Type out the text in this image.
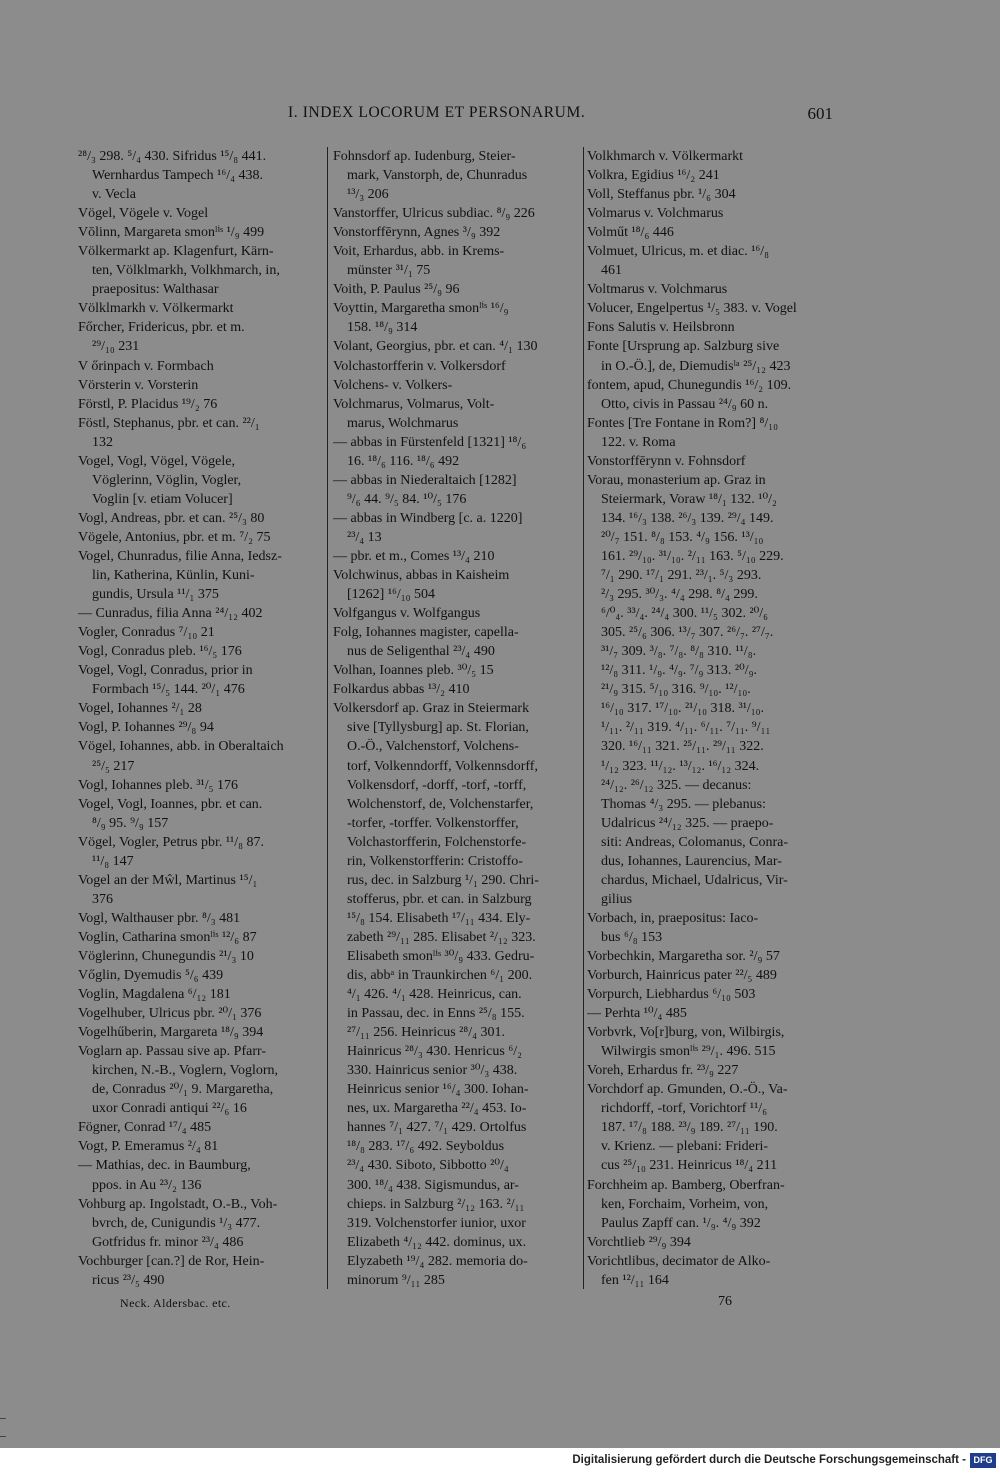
I. INDEX LOCORUM ET PERSONARUM.	601
²⁸/₃ 298. ⁵/₄ 430. Sifridus ¹⁵/₈ 441.
Wernhardus Tampech ¹⁶/₄ 438.
v. Vecla
Vögel, Vögele v. Vogel
Vōlinn, Margareta smonˡⁱˢ ¹/₉ 499
Völkermarkt ap. Klagenfurt, Kärn-
ten, Völklmarkh, Volkhmarch, in,
praepositus: Walthasar
Völklmarkh v. Völkermarkt
Főrcher, Fridericus, pbr. et m.
²⁹/₁₀ 231
V őrinpach v. Formbach
Vörsterin v. Vorsterin
Förstl, P. Placidus ¹⁹/₂ 76
Föstl, Stephanus, pbr. et can. ²²/₁
132
Vogel, Vogl, Vögel, Vögele,
Vöglerinn, Vöglin, Vogler,
Voglin [v. etiam Volucer]
Vogl, Andreas, pbr. et can. ²⁵/₃ 80
Vögele, Antonius, pbr. et m. ⁷/₂ 75
Vogel, Chunradus, filie Anna, Iedsz-
lin, Katherina, Künlin, Kuni-
gundis, Ursula ¹¹/₁ 375
— Cunradus, filia Anna ²⁴/₁₂ 402
Vogler, Conradus ⁷/₁₀ 21
Vogl, Conradus pleb. ¹⁶/₅ 176
Vogel, Vogl, Conradus, prior in
Formbach ¹⁵/₅ 144. ²⁰/₁ 476
Vogel, Iohannes ²/₁ 28
Vogl, P. Iohannes ²⁹/₈ 94
Vögel, Iohannes, abb. in Oberaltaich
²⁵/₅ 217
Vogl, Iohannes pleb. ³¹/₅ 176
Vogel, Vogl, Ioannes, pbr. et can.
⁸/₉ 95. ⁹/₉ 157
Vögel, Vogler, Petrus pbr. ¹¹/₈ 87.
¹¹/₈ 147
Vogel an der Mŵl, Martinus ¹⁵/₁
376
Vogl, Walthauser pbr. ⁸/₃ 481
Voglin, Catharina smonˡⁱˢ ¹²/₆ 87
Vöglerinn, Chunegundis ²¹/₃ 10
Vőglin, Dyemudis ⁵/₆ 439
Voglin, Magdalena ⁶/₁₂ 181
Vogelhuber, Ulricus pbr. ²⁰/₁ 376
Vogelhűberin, Margareta ¹⁸/₉ 394
Voglarn ap. Passau sive ap. Pfarr-
kirchen, N.-B., Voglern, Voglorn,
de, Conradus ²⁰/₁ 9. Margaretha,
uxor Conradi antiqui ²²/₆ 16
Fögner, Conrad ¹⁷/₄ 485
Vogt, P. Emeramus ²/₄ 81
— Mathias, dec. in Baumburg,
ppos. in Au ²³/₂ 136
Vohburg ap. Ingolstadt, O.-B., Voh-
bvrch, de, Cunigundis ¹/₃ 477.
Gotfridus fr. minor ²³/₄ 486
Vochburger [can.?] de Ror, Hein-
ricus ²³/₅ 490
Fohnsdorf ap. Iudenburg, Steier-
mark, Vanstorph, de, Chunradus
¹³/₃ 206
Vanstorffer, Ulricus subdiac. ⁸/₉ 226
Vonstorffērynn, Agnes ³/₉ 392
Voit, Erhardus, abb. in Krems-
münster ³¹/₁ 75
Voith, P. Paulus ²⁵/₉ 96
Voyttin, Margaretha smonˡⁱˢ ¹⁶/₉
158. ¹⁸/₉ 314
Volant, Georgius, pbr. et can. ⁴/₁ 130
Volchastorfferin v. Volkersdorf
Volchens- v. Volkers-
Volchmarus, Volmarus, Volt-
marus, Wolchmarus
— abbas in Fürstenfeld [1321] ¹⁸/₆
16. ¹⁸/₆ 116. ¹⁸/₆ 492
— abbas in Niederaltaich [1282]
⁹/₆ 44. ⁹/₅ 84. ¹⁰/₅ 176
— abbas in Windberg [c. a. 1220]
²³/₄ 13
— pbr. et m., Comes ¹³/₄ 210
Volchwinus, abbas in Kaisheim
[1262] ¹⁶/₁₀ 504
Volfgangus v. Wolfgangus
Folg, Iohannes magister, capella-
nus de Seligenthal ²³/₄ 490
Volhan, Ioannes pleb. ³⁰/₅ 15
Folkardus abbas ¹³/₂ 410
Volkersdorf ap. Graz in Steiermark
sive [Tyllysburg] ap. St. Florian,
O.-Ö., Valchenstorf, Volchens-
torf, Volkenndorff, Volkennsdorff,
Volkensdorf, -dorff, -torf, -torff,
Wolchenstorf, de, Volchenstarfer,
-torfer, -torffer. Volkenstorffer,
Volchastorfferin, Folchenstorfe-
rin, Volkenstorfferin: Cristoffo-
rus, dec. in Salzburg ¹/₁ 290. Chri-
stofferus, pbr. et can. in Salzburg
¹⁵/₈ 154. Elisabeth ¹⁷/₁₁ 434. Ely-
zabeth ²⁹/₁₁ 285. Elisabet ²/₁₂ 323.
Elisabeth smonˡⁱˢ ³⁰/₉ 433. Gedru-
dis, abbᵃ in Traunkirchen ⁶/₁ 200.
⁴/₁ 426. ⁴/₁ 428. Heinricus, can.
in Passau, dec. in Enns ²⁵/₈ 155.
²⁷/₁₁ 256. Heinricus ²⁸/₄ 301.
Hainricus ²⁸/₃ 430. Henricus ⁶/₂
330. Hainricus senior ³⁰/₃ 438.
Heinricus senior ¹⁶/₄ 300. Iohan-
nes, ux. Margaretha ²²/₄ 453. Io-
hannes ⁷/₁ 427. ⁷/₁ 429. Ortolfus
¹⁸/₈ 283. ¹⁷/₆ 492. Seyboldus
²³/₄ 430. Siboto, Sibbotto ²⁰/₄
300. ¹⁸/₄ 438. Sigismundus, ar-
chieps. in Salzburg ²/₁₂ 163. ²/₁₁
319. Volchenstorfer iunior, uxor
Elizabeth ⁴/₁₂ 442. dominus, ux.
Elyzabeth ¹⁹/₄ 282. memoria do-
minorum ⁹/₁₁ 285
Volkhmarch v. Völkermarkt
Volkra, Egidius ¹⁶/₂ 241
Voll, Steffanus pbr. ¹/₆ 304
Volmarus v. Volchmarus
Volműt ¹⁸/₆ 446
Volmuet, Ulricus, m. et diac. ¹⁶/₈
461
Voltmarus v. Volchmarus
Volucer, Engelpertus ¹/₅ 383. v. Vogel
Fons Salutis v. Heilsbronn
Fonte [Ursprung ap. Salzburg sive
in O.-Ö.], de, Diemudisˡᵃ ²⁵/₁₂ 423
fontem, apud, Chunegundis ¹⁶/₂ 109.
Otto, civis in Passau ²⁴/₉ 60 n.
Fontes [Tre Fontane in Rom?] ⁸/₁₀
122. v. Roma
Vonstorffērynn v. Fohnsdorf
Vorau, monasterium ap. Graz in
Steiermark, Voraw ¹⁸/₁ 132. ¹⁰/₂
134. ¹⁶/₃ 138. ²⁶/₃ 139. ²⁹/₄ 149.
²⁰/₇ 151. ⁸/₈ 153. ⁴/₉ 156. ¹³/₁₀
161. ²⁹/₁₀. ³¹/₁₀. ²/₁₁ 163. ⁵/₁₀ 229.
⁷/₁ 290. ¹⁷/₁ 291. ²³/₁. ⁵/₃ 293.
²/₃ 295. ³⁰/₃. ⁴/₄ 298. ⁸/₄ 299.
⁶/⁰₄. ³³/₄. ²⁴/₄ 300. ¹¹/₅ 302. ²⁰/₆
305. ²⁵/₆ 306. ¹³/₇ 307. ²⁶/₇. ²⁷/₇.
³¹/₇ 309. ³/₈. ⁷/₈. ⁸/₈ 310. ¹¹/₈.
¹²/₈ 311. ¹/₉. ⁴/₉. ⁷/₉ 313. ²⁰/₉.
²¹/₉ 315. ⁵/₁₀ 316. ⁹/₁₀. ¹²/₁₀.
¹⁶/₁₀ 317. ¹⁷/₁₀. ²¹/₁₀ 318. ³¹/₁₀.
¹/₁₁. ²/₁₁ 319. ⁴/₁₁. ⁶/₁₁. ⁷/₁₁. ⁹/₁₁
320. ¹⁶/₁₁ 321. ²⁵/₁₁. ²⁹/₁₁ 322.
¹/₁₂ 323. ¹¹/₁₂. ¹³/₁₂. ¹⁶/₁₂ 324.
²⁴/₁₂. ²⁶/₁₂ 325. — decanus:
Thomas ⁴/₃ 295. — plebanus:
Udalricus ²⁴/₁₂ 325. — praepo-
siti: Andreas, Colomanus, Conra-
dus, Iohannes, Laurencius, Mar-
chardus, Michael, Udalricus, Vir-
gilius
Vorbach, in, praepositus: Iaco-
bus ⁶/₈ 153
Vorbechkin, Margaretha sor. ²/₉ 57
Vorburch, Hainricus pater ²²/₅ 489
Vorpurch, Liebhardus ⁶/₁₀ 503
— Perhta ¹⁰/₄ 485
Vorbvrk, Vo[r]burg, von, Wilbirgis,
Wilwirgis smonˡⁱˢ ²⁹/₁. 496. 515
Voreh, Erhardus fr. ²³/₉ 227
Vorchdorf ap. Gmunden, O.-Ö., Va-
richdorff, -torf, Vorichtorf ¹¹/₆
187. ¹⁷/₈ 188. ²³/₉ 189. ²⁷/₁₁ 190.
v. Krienz. — plebani: Frideri-
cus ²⁵/₁₀ 231. Heinricus ¹⁸/₄ 211
Forchheim ap. Bamberg, Oberfran-
ken, Forchaim, Vorheim, von,
Paulus Zapff can. ¹/₉. ⁴/₉ 392
Vorchtlieb ²⁹/₉ 394
Vorichtlibus, decimator de Alko-
fen ¹²/₁₁ 164
Neck. Aldersbac. etc.	76
Digitalisierung gefördert durch die Deutsche Forschungsgemeinschaft - DFG
